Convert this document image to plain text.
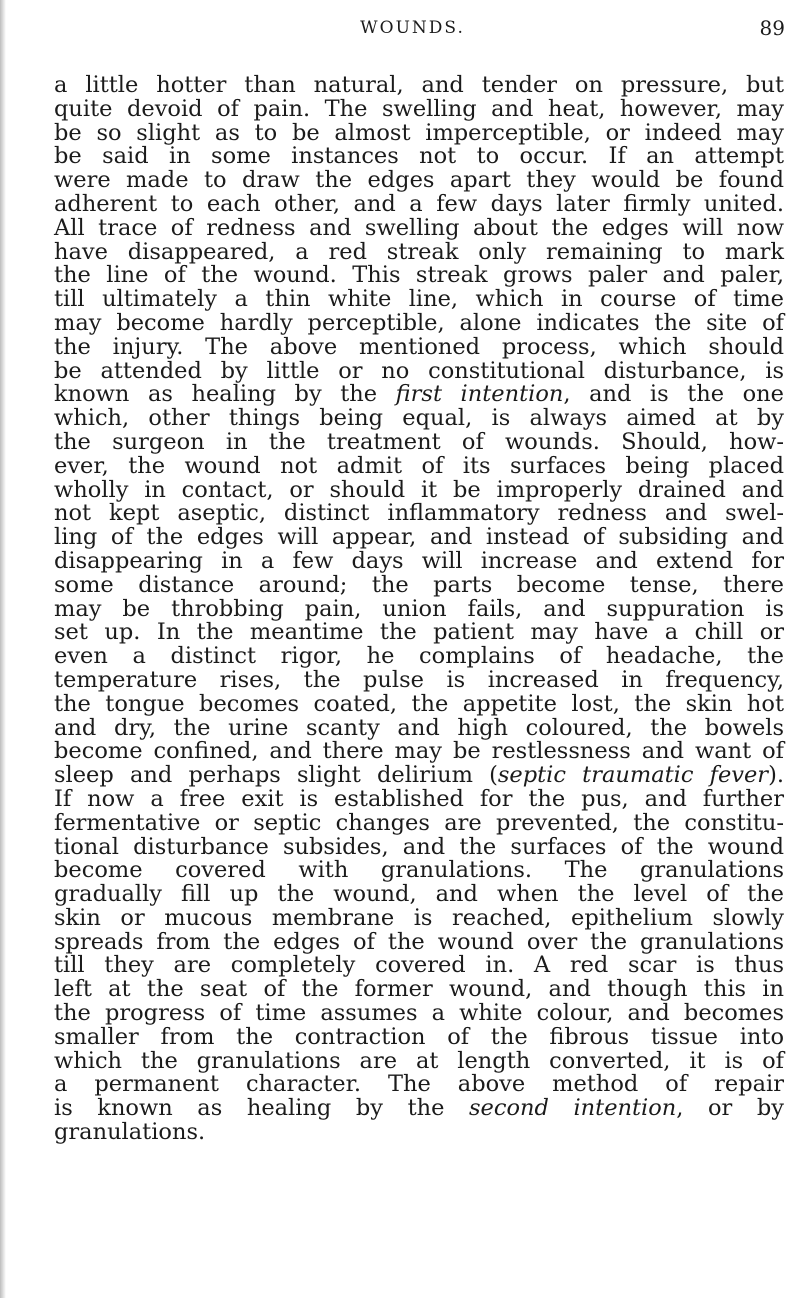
WOUNDS.	89
a little hotter than natural, and tender on pressure, but
quite devoid of pain. The swelling and heat, however, may
be so slight as to be almost imperceptible, or indeed may
be said in some instances not to occur. If an attempt
were made to draw the edges apart they would be found
adherent to each other, and a few days later firmly united.
All trace of redness and swelling about the edges will now
have disappeared, a red streak only remaining to mark
the line of the wound. This streak grows paler and paler,
till ultimately a thin white line, which in course of time
may become hardly perceptible, alone indicates the site of
the injury. The above mentioned process, which should
be attended by little or no constitutional disturbance, is
known as healing by the first intention, and is the one
which, other things being equal, is always aimed at by
the surgeon in the treatment of wounds. Should, how-
ever, the wound not admit of its surfaces being placed
wholly in contact, or should it be improperly drained and
not kept aseptic, distinct inflammatory redness and swel-
ling of the edges will appear, and instead of subsiding and
disappearing in a few days will increase and extend for
some distance around; the parts become tense, there
may be throbbing pain, union fails, and suppuration is
set up. In the meantime the patient may have a chill or
even a distinct rigor, he complains of headache, the
temperature rises, the pulse is increased in frequency,
the tongue becomes coated, the appetite lost, the skin hot
and dry, the urine scanty and high coloured, the bowels
become confined, and there may be restlessness and want of
sleep and perhaps slight delirium (septic traumatic fever).
If now a free exit is established for the pus, and further
fermentative or septic changes are prevented, the constitu-
tional disturbance subsides, and the surfaces of the wound
become covered with granulations. The granulations
gradually fill up the wound, and when the level of the
skin or mucous membrane is reached, epithelium slowly
spreads from the edges of the wound over the granulations
till they are completely covered in. A red scar is thus
left at the seat of the former wound, and though this in
the progress of time assumes a white colour, and becomes
smaller from the contraction of the fibrous tissue into
which the granulations are at length converted, it is of
a permanent character. The above method of repair
is known as healing by the second intention, or by
granulations.
